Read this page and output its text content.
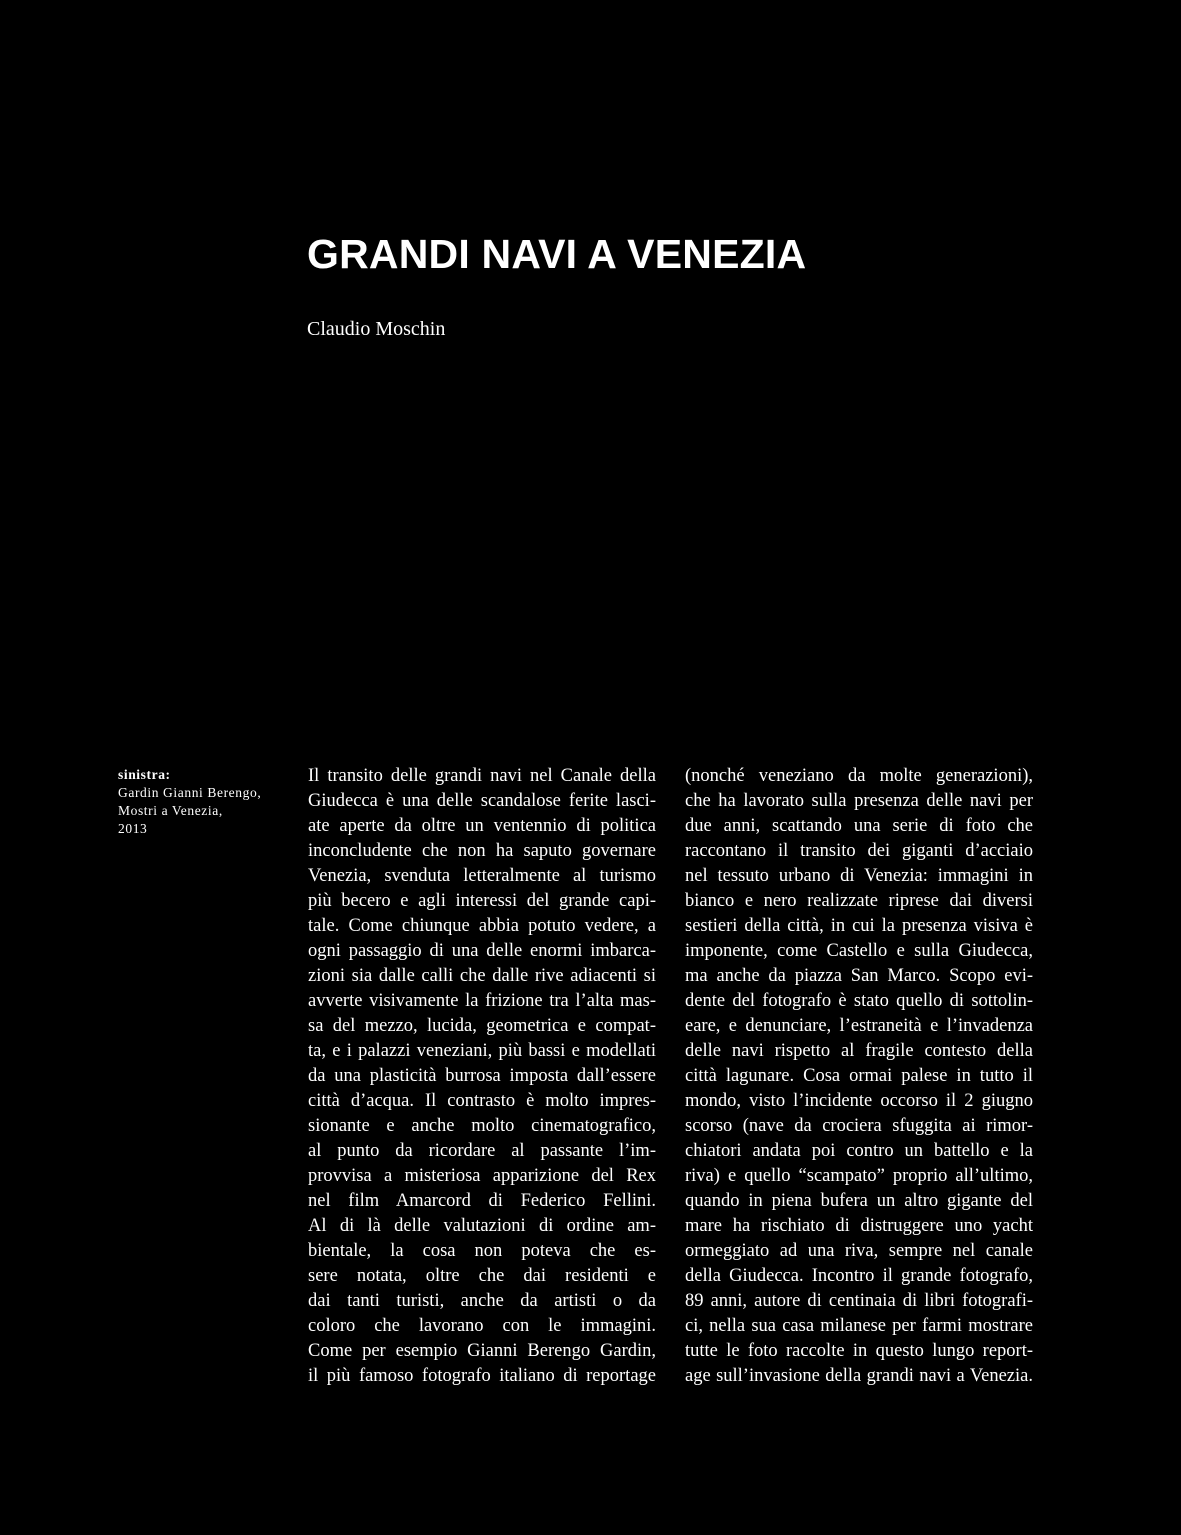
GRANDI NAVI A VENEZIA
Claudio Moschin
sinistra:
Gardin Gianni Berengo,
Mostri a Venezia,
2013
Il transito delle grandi navi nel Canale della
Giudecca è una delle scandalose ferite lasci-
ate aperte da oltre un ventennio di politica
inconcludente che non ha saputo governare
Venezia, svenduta letteralmente al turismo
più becero e agli interessi del grande capi-
tale. Come chiunque abbia potuto vedere, a
ogni passaggio di una delle enormi imbarca-
zioni sia dalle calli che dalle rive adiacenti si
avverte visivamente la frizione tra l’alta mas-
sa del mezzo, lucida, geometrica e compat-
ta, e i palazzi veneziani, più bassi e modellati
da una plasticità burrosa imposta dall’essere
città d’acqua. Il contrasto è molto impres-
sionante e anche molto cinematografico,
al punto da ricordare al passante l’im-
provvisa a misteriosa apparizione del Rex
nel film Amarcord di Federico Fellini.
Al di là delle valutazioni di ordine am-
bientale, la cosa non poteva che es-
sere notata, oltre che dai residenti e
dai tanti turisti, anche da artisti o da
coloro che lavorano con le immagini.
Come per esempio Gianni Berengo Gardin,
il più famoso fotografo italiano di reportage
(nonché veneziano da molte generazioni),
che ha lavorato sulla presenza delle navi per
due anni, scattando una serie di foto che
raccontano il transito dei giganti d’acciaio
nel tessuto urbano di Venezia: immagini in
bianco e nero realizzate riprese dai diversi
sestieri della città, in cui la presenza visiva è
imponente, come Castello e sulla Giudecca,
ma anche da piazza San Marco. Scopo evi-
dente del fotografo è stato quello di sottolin-
eare, e denunciare, l’estraneità e l’invadenza
delle navi rispetto al fragile contesto della
città lagunare. Cosa ormai palese in tutto il
mondo, visto l’incidente occorso il 2 giugno
scorso (nave da crociera sfuggita ai rimor-
chiatori andata poi contro un battello e la
riva) e quello “scampato” proprio all’ultimo,
quando in piena bufera un altro gigante del
mare ha rischiato di distruggere uno yacht
ormeggiato ad una riva, sempre nel canale
della Giudecca. Incontro il grande fotografo,
89 anni, autore di centinaia di libri fotografi-
ci, nella sua casa milanese per farmi mostrare
tutte le foto raccolte in questo lungo report-
age sull’invasione della grandi navi a Venezia.
